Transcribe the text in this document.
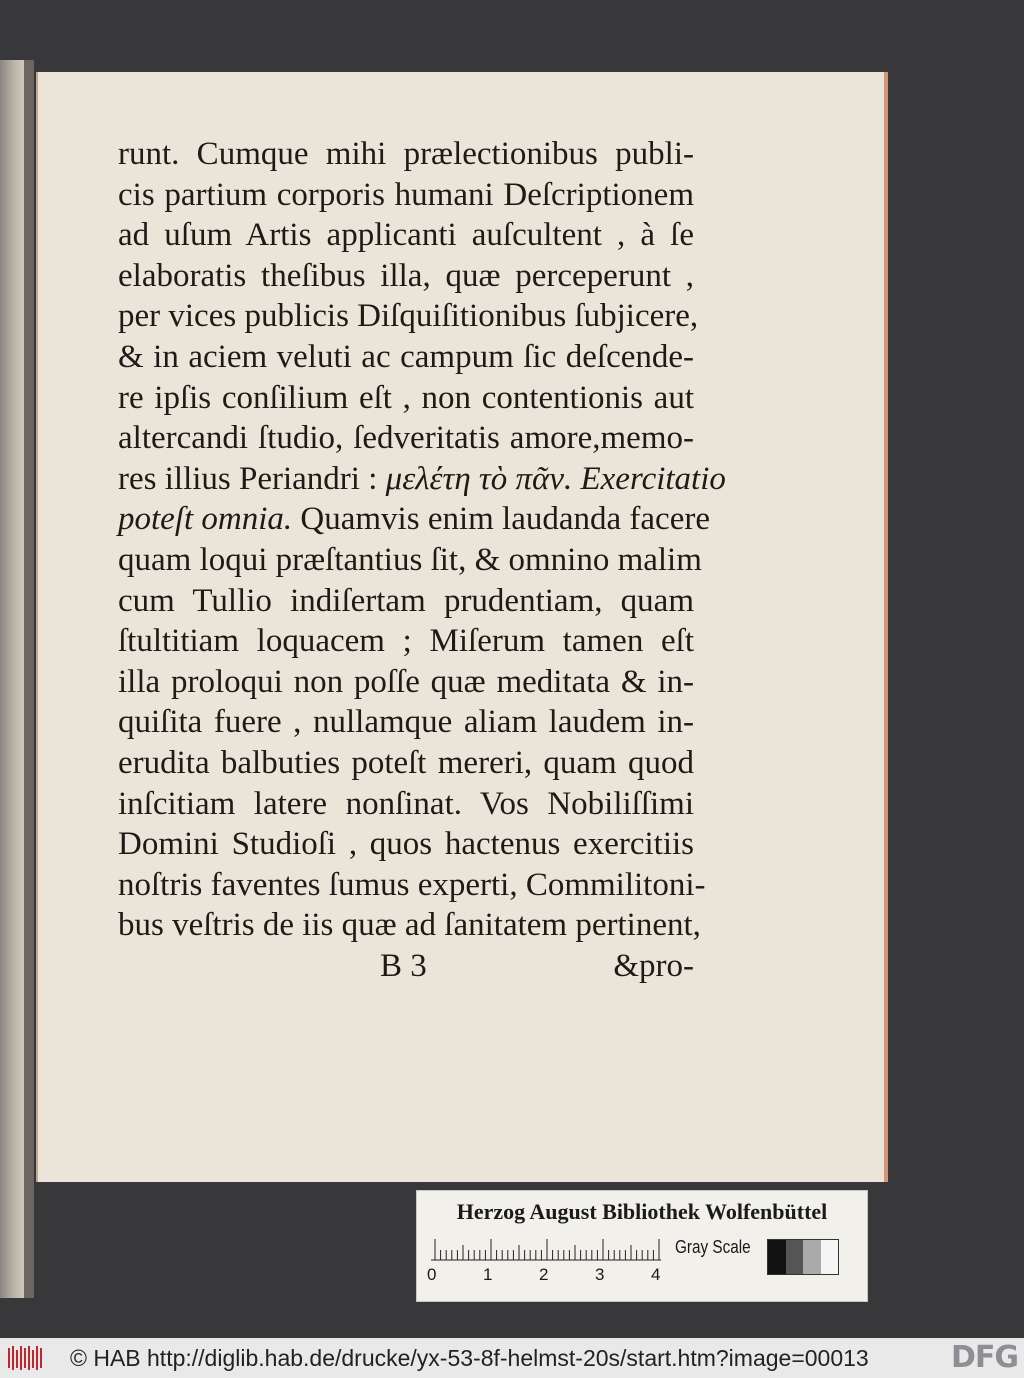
runt. Cumque mihi prælectionibus publi-
cis partium corporis humani Deſcriptionem
ad uſum Artis applicanti auſcultent , à ſe
elaboratis theſibus illa, quæ perceperunt ,
per vices publicis Diſquiſitionibus ſubjicere,
& in aciem veluti ac campum ſic deſcende-
re ipſis conſilium eſt , non contentionis aut
altercandi ſtudio, ſedveritatis amore,memo-
res illius Periandri : μελέτη τὸ πᾶν. Exercitatio
poteſt omnia. Quamvis enim laudanda facere
quam loqui præſtantius ſit, & omnino malim
cum Tullio indiſertam prudentiam, quam
ſtultitiam loquacem ; Miſerum tamen eſt
illa proloqui non poſſe quæ meditata & in-
quiſita fuere , nullamque aliam laudem in-
erudita balbuties poteſt mereri, quam quod
inſcitiam latere nonſinat. Vos Nobiliſſimi
Domini Studioſi , quos hactenus exercitiis
noſtris faventes ſumus experti, Commilitoni-
bus veſtris de iis quæ ad ſanitatem pertinent,
B 3	&pro-
Herzog August Bibliothek Wolfenbüttel
0	1	2	3	4
Gray Scale
© HAB http://diglib.hab.de/drucke/yx-53-8f-helmst-20s/start.htm?image=00013	DFG
